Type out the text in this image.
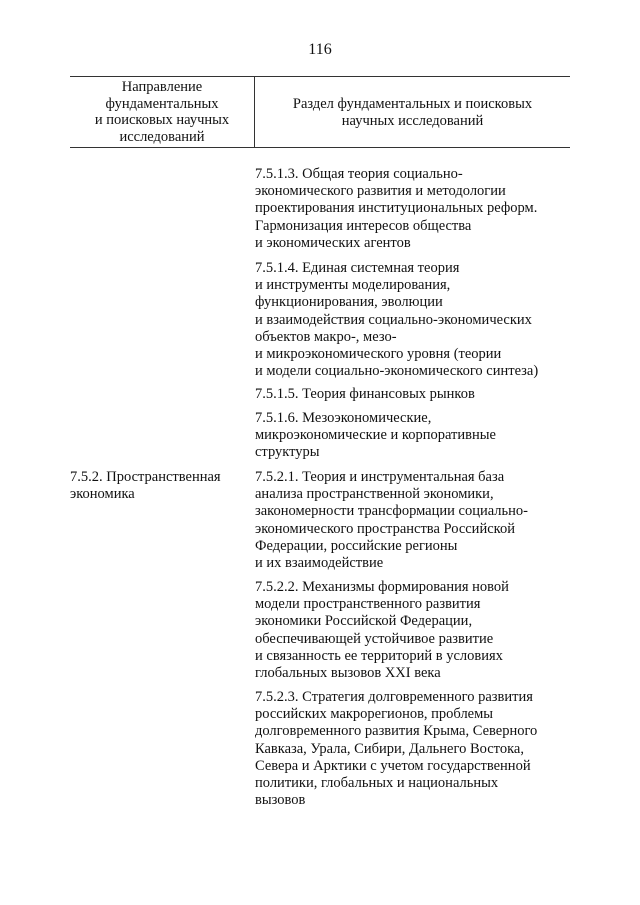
116
Направление
фундаментальных
и поисковых научных
исследований
Раздел фундаментальных и поисковых
научных исследований
7.5.1.3. Общая теория социально-
экономического развития и методологии
проектирования институциональных реформ.
Гармонизация интересов общества
и экономических агентов
7.5.1.4. Единая системная теория
и инструменты моделирования,
функционирования, эволюции
и взаимодействия социально-экономических
объектов макро-, мезо-
и микроэкономического уровня (теории
и модели социально-экономического синтеза)
7.5.1.5. Теория финансовых рынков
7.5.1.6. Мезоэкономические,
микроэкономические и корпоративные
структуры
7.5.2. Пространственная
экономика
7.5.2.1. Теория и инструментальная база
анализа пространственной экономики,
закономерности трансформации социально-
экономического пространства Российской
Федерации, российские регионы
и их взаимодействие
7.5.2.2. Механизмы формирования новой
модели пространственного развития
экономики Российской Федерации,
обеспечивающей устойчивое развитие
и связанность ее территорий в условиях
глобальных вызовов XXI века
7.5.2.3. Стратегия долговременного развития
российских макрорегионов, проблемы
долговременного развития Крыма, Северного
Кавказа, Урала, Сибири, Дальнего Востока,
Севера и Арктики с учетом государственной
политики, глобальных и национальных
вызовов
